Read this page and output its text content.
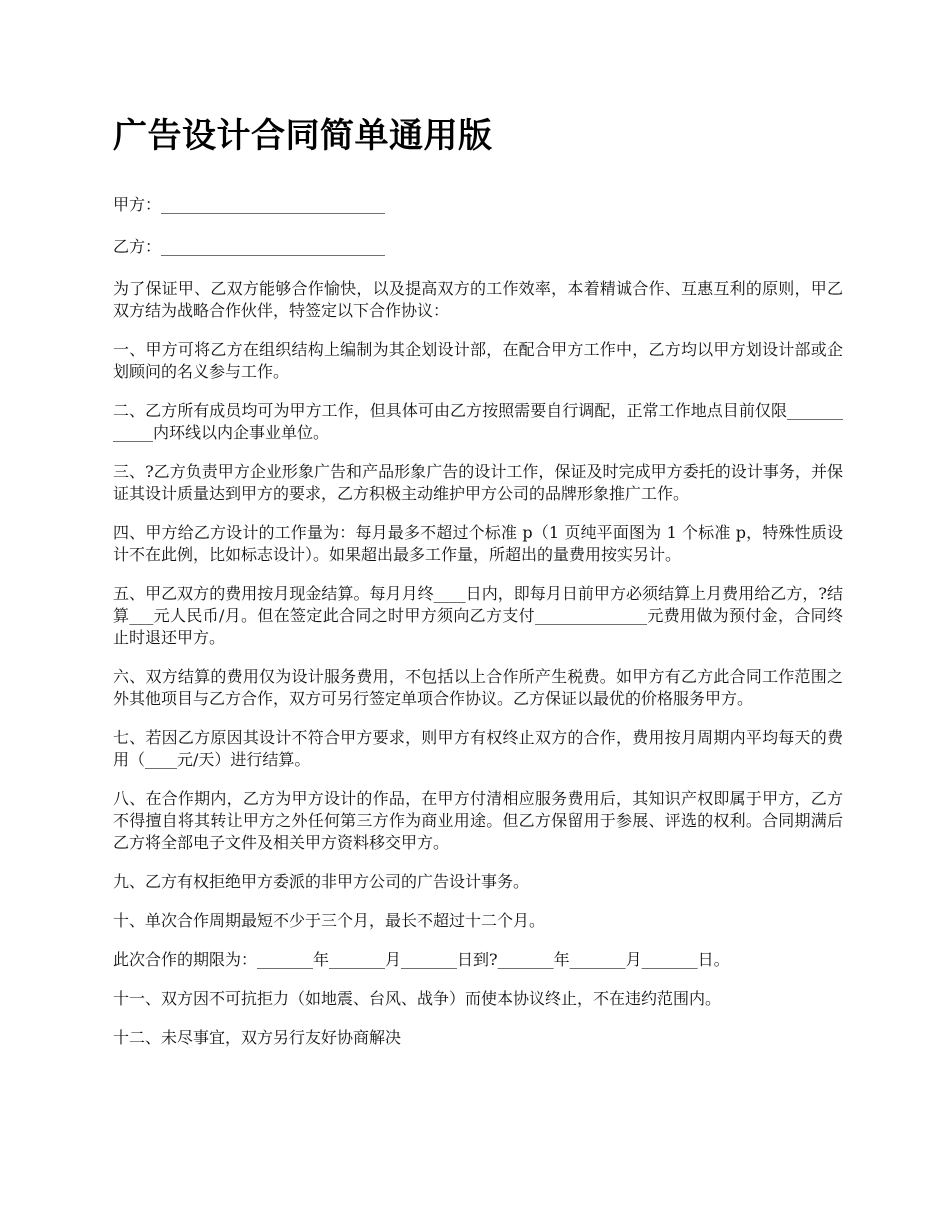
广告设计合同简单通用版

甲方：____________________________

乙方：____________________________

为了保证甲、乙双方能够合作愉快，以及提高双方的工作效率，本着精诚合作、互惠互利的原则，甲乙双方结为战略合作伙伴，特签定以下合作协议：

一、甲方可将乙方在组织结构上编制为其企划设计部，在配合甲方工作中，乙方均以甲方划设计部或企划顾问的名义参与工作。

二、乙方所有成员均可为甲方工作，但具体可由乙方按照需要自行调配，正常工作地点目前仅限____________内环线以内企事业单位。

三、?乙方负责甲方企业形象广告和产品形象广告的设计工作，保证及时完成甲方委托的设计事务，并保证其设计质量达到甲方的要求，乙方积极主动维护甲方公司的品牌形象推广工作。

四、甲方给乙方设计的工作量为：每月最多不超过个标准 p（1 页纯平面图为 1 个标准 p，特殊性质设计不在此例，比如标志设计）。如果超出最多工作量，所超出的量费用按实另计。

五、甲乙双方的费用按月现金结算。每月月终____日内，即每月日前甲方必须结算上月费用给乙方，?结算___元人民币/月。但在签定此合同之时甲方须向乙方支付______________元费用做为预付金，合同终止时退还甲方。

六、双方结算的费用仅为设计服务费用，不包括以上合作所产生税费。如甲方有乙方此合同工作范围之外其他项目与乙方合作，双方可另行签定单项合作协议。乙方保证以最优的价格服务甲方。

七、若因乙方原因其设计不符合甲方要求，则甲方有权终止双方的合作，费用按月周期内平均每天的费用（____元/天）进行结算。

八、在合作期内，乙方为甲方设计的作品，在甲方付清相应服务费用后，其知识产权即属于甲方，乙方不得擅自将其转让甲方之外任何第三方作为商业用途。但乙方保留用于参展、评选的权利。合同期满后乙方将全部电子文件及相关甲方资料移交甲方。

九、乙方有权拒绝甲方委派的非甲方公司的广告设计事务。

十、单次合作周期最短不少于三个月，最长不超过十二个月。

此次合作的期限为：_______年_______月_______日到?_______年_______月_______日。

十一、双方因不可抗拒力（如地震、台风、战争）而使本协议终止，不在违约范围内。

十二、未尽事宜，双方另行友好协商解决
